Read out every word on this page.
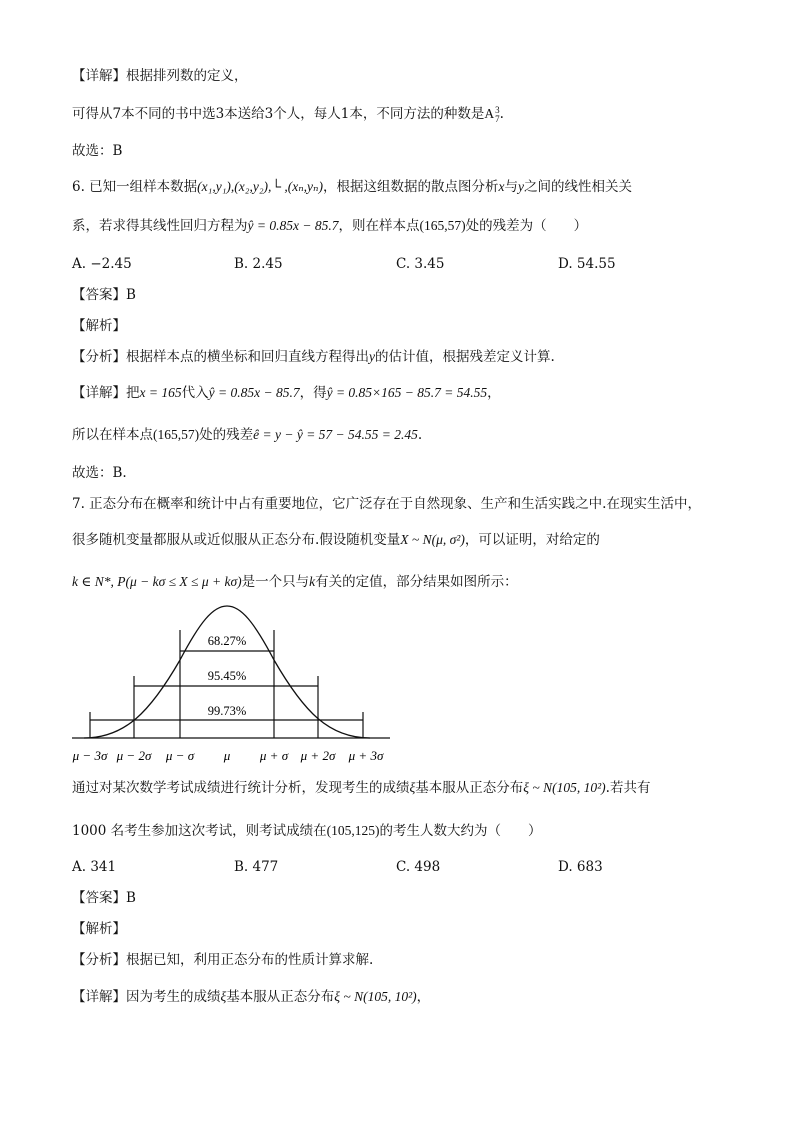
【详解】根据排列数的定义，
可得从7本不同的书中选3本送给3个人，每人1本，不同方法的种数是A 3
7 .
故选：B
6. 已知一组样本数据(x₁,y₁),(x₂,y₂),└ ,(xₙ,yₙ)，根据这组数据的散点图分析x与y之间的线性相关关
系，若求得其线性回归方程为ŷ = 0.85x − 85.7，则在样本点(165,57)处的残差为（　　）
A. −2.45	B. 2.45	C. 3.45	D. 54.55
【答案】B
【解析】
【分析】根据样本点的横坐标和回归直线方程得出y的估计值，根据残差定义计算.
【详解】把x = 165代入ŷ = 0.85x − 85.7，得ŷ = 0.85×165 − 85.7 = 54.55，
所以在样本点(165,57)处的残差ê = y − ŷ = 57 − 54.55 = 2.45.
故选：B.
7. 正态分布在概率和统计中占有重要地位，它广泛存在于自然现象、生产和生活实践之中.在现实生活中，
很多随机变量都服从或近似服从正态分布.假设随机变量X ~ N(μ, σ²)，可以证明，对给定的
k ∈ N*, P(μ − kσ ≤ X ≤ μ + kσ)是一个只与k有关的定值，部分结果如图所示：
68.27%
95.45%
99.73%
μ − 3σ μ − 2σ μ − σ μ μ + σ μ + 2σ μ + 3σ
通过对某次数学考试成绩进行统计分析，发现考生的成绩ξ基本服从正态分布ξ ~ N(105, 10²).若共有
1000 名考生参加这次考试，则考试成绩在(105,125)的考生人数大约为（　　）
A. 341	B. 477	C. 498	D. 683
【答案】B
【解析】
【分析】根据已知，利用正态分布的性质计算求解.
【详解】因为考生的成绩ξ基本服从正态分布ξ ~ N(105, 10²)，
